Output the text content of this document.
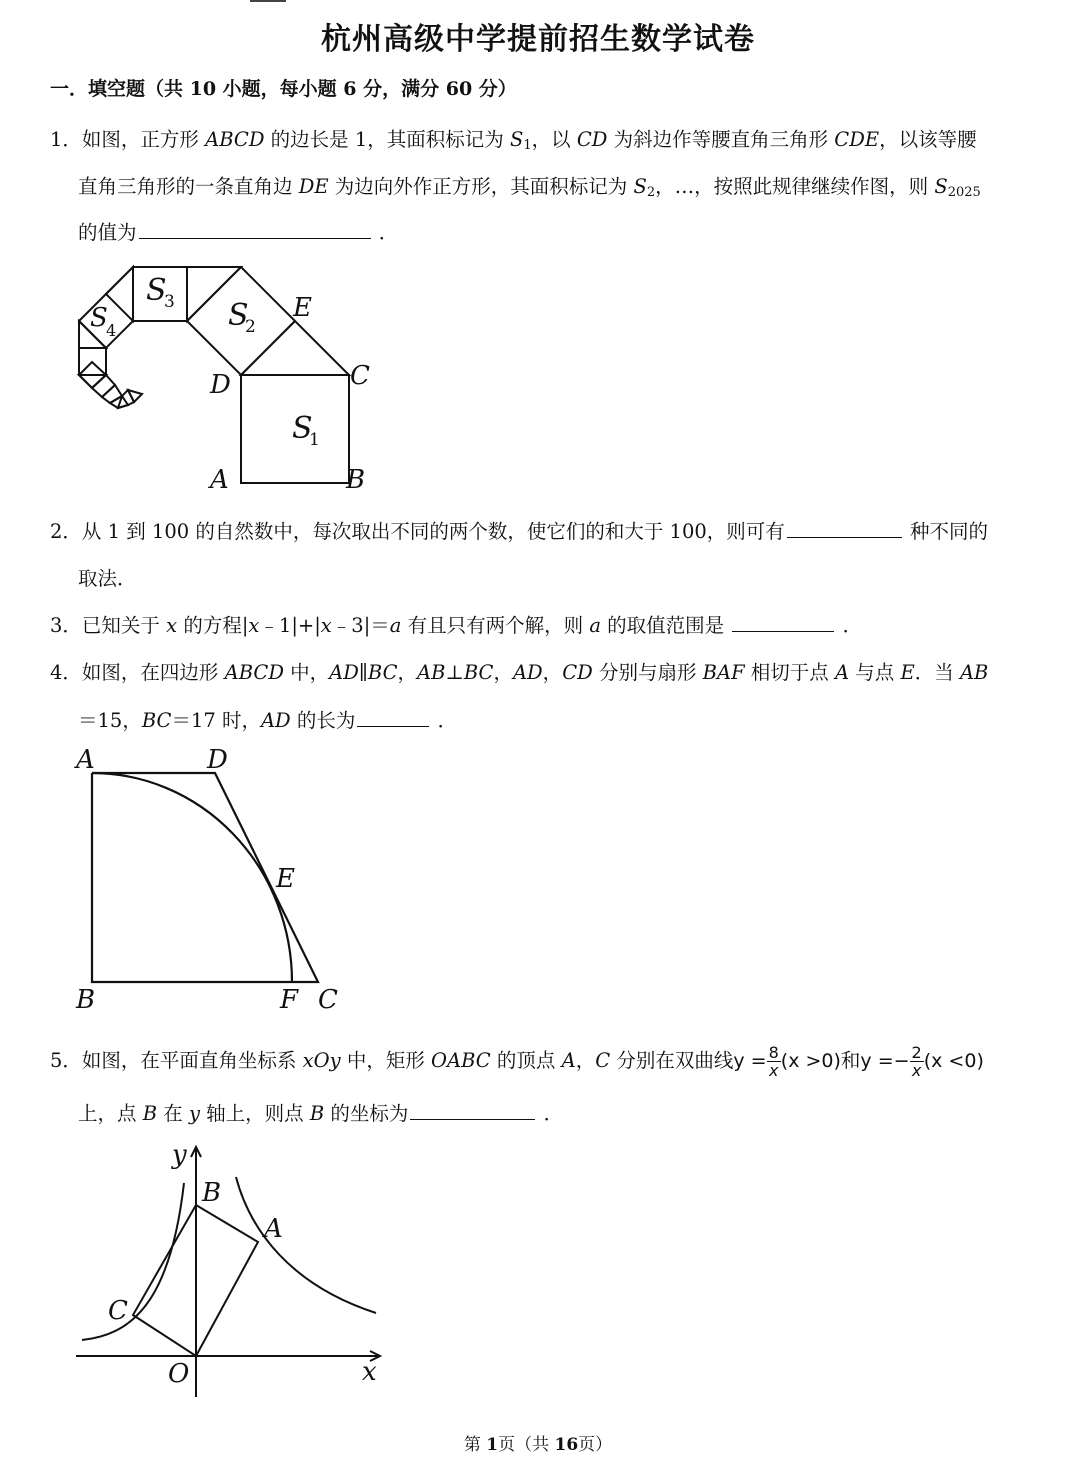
杭州高级中学提前招生数学试卷
一．填空题（共 10 小题，每小题 6 分，满分 60 分）
1．如图，正方形 ABCD 的边长是 1，其面积标记为 $S_1$，以 CD 为斜边作等腰直角三角形 CDE，以该等腰
直角三角形的一条直角边 DE 为边向外作正方形，其面积标记为 $S_2$，…，按照此规律继续作图，则 $S_{2025}$
的值为	．
S
1
S
2
S
3
S
4
D	C
E
A	B
2．从 1 到 100 的自然数中，每次取出不同的两个数，使它们的和大于 100，则可有	种不同的
取法．
3．已知关于 x 的方程|x﹣1|+|x﹣3|＝a 有且只有两个解，则 a 的取值范围是	．
4．如图，在四边形 ABCD 中，AD∥BC，AB⊥BC，AD，CD 分别与扇形 BAF 相切于点 A 与点 E．当 AB
＝15，BC＝17 时，AD 的长为	．
A	D
E
B	F C
5．如图，在平面直角坐标系 xOy 中，矩形 OABC 的顶点 A，C 分别在双曲线$y = \frac{8}{x} (x >0)$和$y =- \frac{2}{x} (x <0)$
上，点 B 在 y 轴上，则点 B 的坐标为	．
y
x
O
B
A
C
第 1页（共 16页）
